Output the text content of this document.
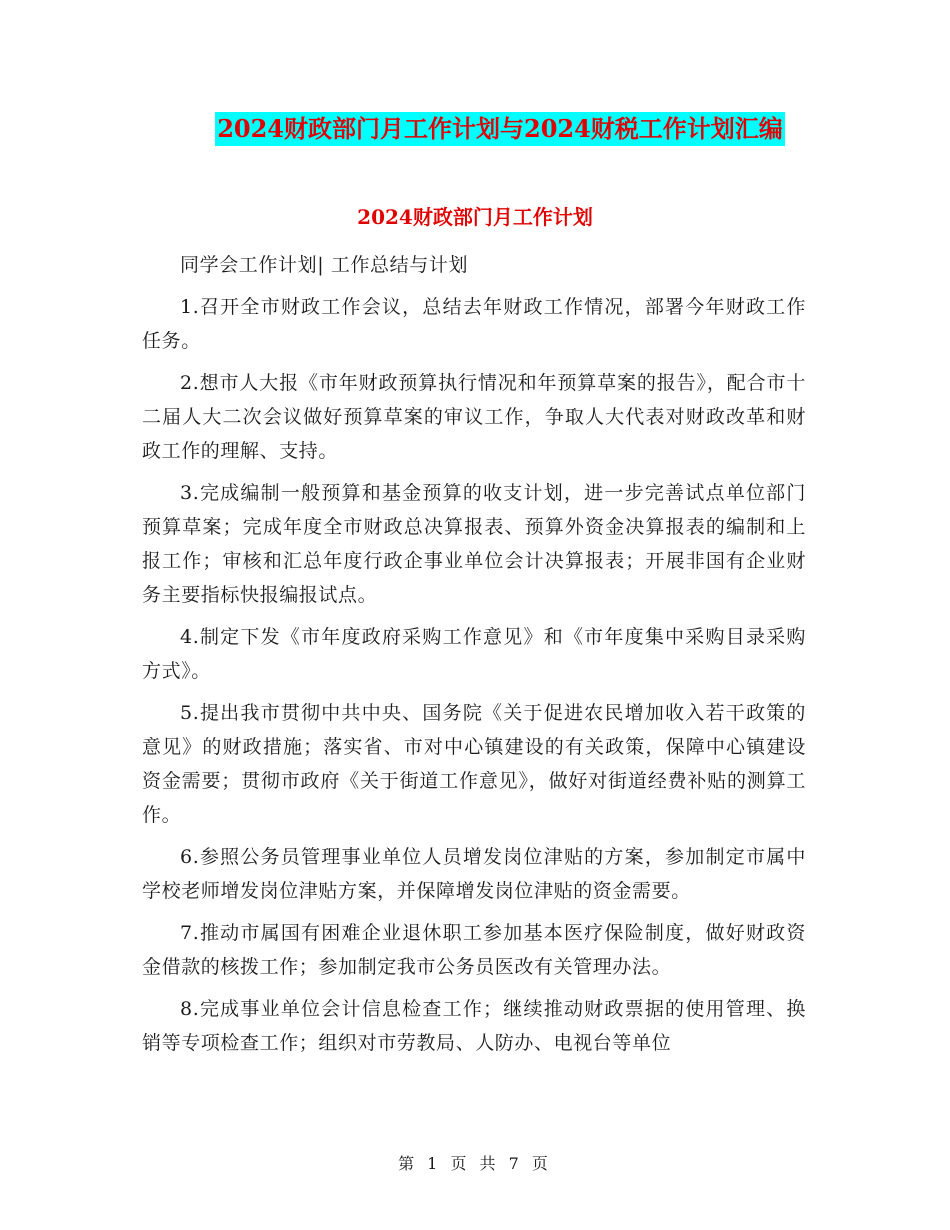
2024财政部门月工作计划与2024财税工作计划汇编
2024财政部门月工作计划

同学会工作计划| 工作总结与计划

1.召开全市财政工作会议，总结去年财政工作情况，部署今年财政工作任务。

2.想市人大报《市年财政预算执行情况和年预算草案的报告》，配合市十二届人大二次会议做好预算草案的审议工作，争取人大代表对财政改革和财政工作的理解、支持。

3.完成编制一般预算和基金预算的收支计划，进一步完善试点单位部门预算草案；完成年度全市财政总决算报表、预算外资金决算报表的编制和上报工作；审核和汇总年度行政企事业单位会计决算报表；开展非国有企业财务主要指标快报编报试点。

4.制定下发《市年度政府采购工作意见》和《市年度集中采购目录采购方式》。

5.提出我市贯彻中共中央、国务院《关于促进农民增加收入若干政策的意见》的财政措施；落实省、市对中心镇建设的有关政策，保障中心镇建设资金需要；贯彻市政府《关于街道工作意见》，做好对街道经费补贴的测算工作。

6.参照公务员管理事业单位人员增发岗位津贴的方案，参加制定市属中学校老师增发岗位津贴方案，并保障增发岗位津贴的资金需要。

7.推动市属国有困难企业退休职工参加基本医疗保险制度，做好财政资金借款的核拨工作；参加制定我市公务员医改有关管理办法。

8.完成事业单位会计信息检查工作；继续推动财政票据的使用管理、换销等专项检查工作；组织对市劳教局、人防办、电视台等单位

第 1 页 共 7 页
